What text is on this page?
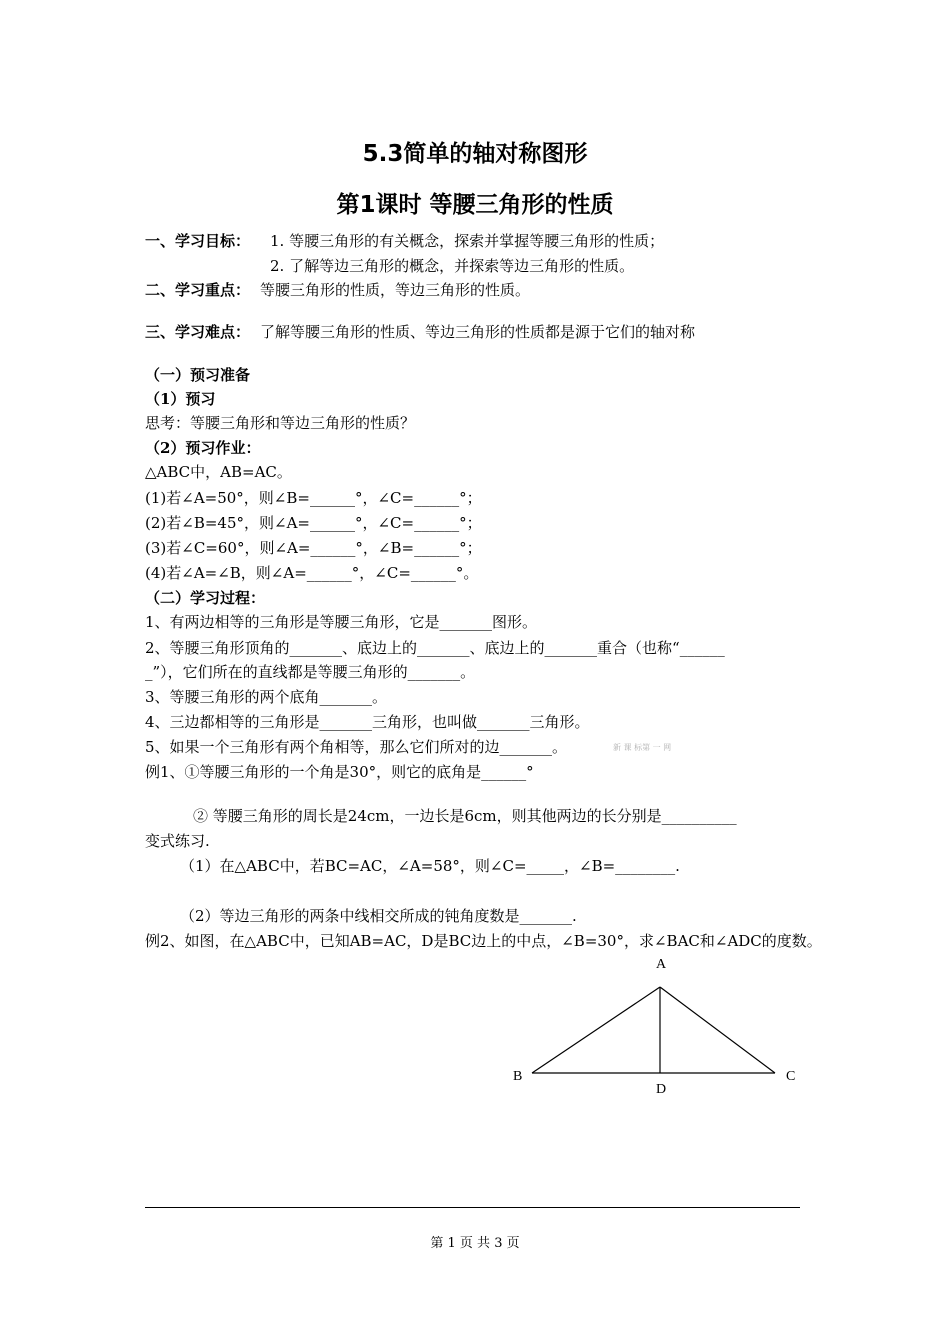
5.3简单的轴对称图形
第1课时 等腰三角形的性质
一、学习目标： 1. 等腰三角形的有关概念，探索并掌握等腰三角形的性质；
2. 了解等边三角形的概念，并探索等边三角形的性质。
二、学习重点： 等腰三角形的性质，等边三角形的性质。
三、学习难点： 了解等腰三角形的性质、等边三角形的性质都是源于它们的轴对称
（一）预习准备
（1）预习
思考：等腰三角形和等边三角形的性质？
（2）预习作业：
△ABC中，AB=AC。
(1)若∠A=50°，则∠B=______°，∠C=______°；
(2)若∠B=45°，则∠A=______°，∠C=______°；
(3)若∠C=60°，则∠A=______°，∠B=______°；
(4)若∠A=∠B，则∠A=______°，∠C=______°。
（二）学习过程：
1、有两边相等的三角形是等腰三角形，它是_______图形。
2、等腰三角形顶角的_______、底边上的_______、底边上的_______重合（也称“______
_”），它们所在的直线都是等腰三角形的_______。
3、等腰三角形的两个底角_______。
4、三边都相等的三角形是_______三角形，也叫做_______三角形。
5、如果一个三角形有两个角相等，那么它们所对的边_______。	新 课 标第 一 网
例1、①等腰三角形的一个角是30°，则它的底角是______°
② 等腰三角形的周长是24cm，一边长是6cm，则其他两边的长分别是__________
变式练习.
（1）在△ABC中，若BC=AC，∠A=58°，则∠C=_____，∠B=________.
（2）等边三角形的两条中线相交所成的钝角度数是_______.
例2、如图，在△ABC中，已知AB=AC，D是BC边上的中点，∠B=30°，求∠BAC和∠ADC的度数。
A
B	C
D
第 1 页 共 3 页
